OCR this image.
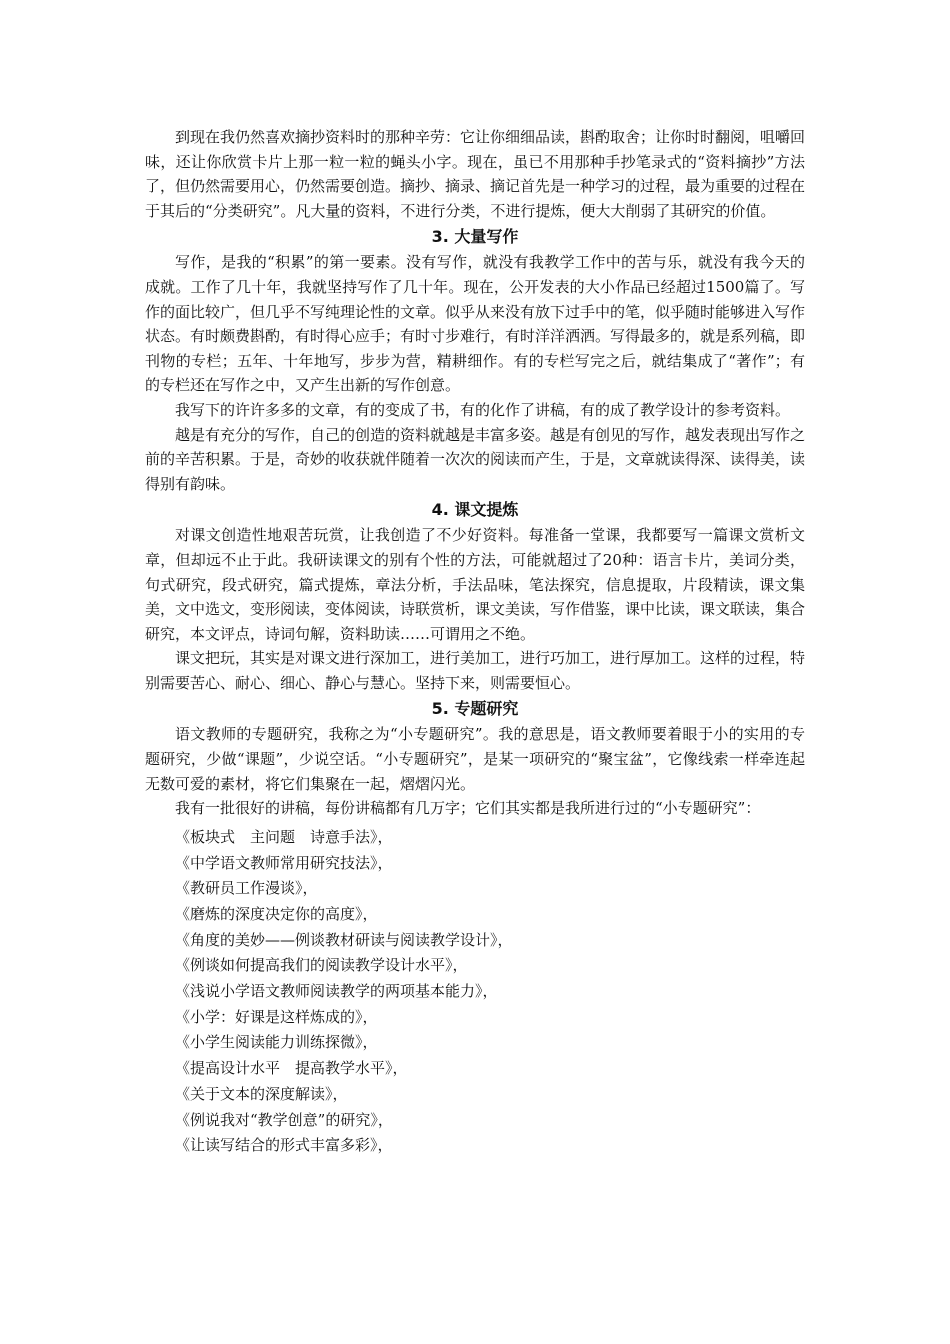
到现在我仍然喜欢摘抄资料时的那种辛劳：它让你细细品读，斟酌取舍；让你时时翻阅，咀嚼回味，还让你欣赏卡片上那一粒一粒的蝇头小字。现在，虽已不用那种手抄笔录式的“资料摘抄”方法了，但仍然需要用心，仍然需要创造。摘抄、摘录、摘记首先是一种学习的过程，最为重要的过程在于其后的“分类研究”。凡大量的资料，不进行分类，不进行提炼，便大大削弱了其研究的价值。

3. 大量写作

写作，是我的“积累”的第一要素。没有写作，就没有我教学工作中的苦与乐，就没有我今天的成就。工作了几十年，我就坚持写作了几十年。现在，公开发表的大小作品已经超过1500篇了。写作的面比较广，但几乎不写纯理论性的文章。似乎从来没有放下过手中的笔，似乎随时能够进入写作状态。有时颇费斟酌，有时得心应手；有时寸步难行，有时洋洋洒洒。写得最多的，就是系列稿，即刊物的专栏；五年、十年地写，步步为营，精耕细作。有的专栏写完之后，就结集成了“著作”；有的专栏还在写作之中，又产生出新的写作创意。

我写下的许许多多的文章，有的变成了书，有的化作了讲稿，有的成了教学设计的参考资料。

越是有充分的写作，自己的创造的资料就越是丰富多姿。越是有创见的写作，越发表现出写作之前的辛苦积累。于是，奇妙的收获就伴随着一次次的阅读而产生，于是，文章就读得深、读得美，读得别有韵味。

4. 课文提炼

对课文创造性地艰苦玩赏，让我创造了不少好资料。每准备一堂课，我都要写一篇课文赏析文章，但却远不止于此。我研读课文的别有个性的方法，可能就超过了20种：语言卡片，美词分类，句式研究，段式研究，篇式提炼，章法分析，手法品味，笔法探究，信息提取，片段精读，课文集美，文中选文，变形阅读，变体阅读，诗联赏析，课文美读，写作借鉴，课中比读，课文联读，集合研究，本文评点，诗词句解，资料助读……可谓用之不绝。

课文把玩，其实是对课文进行深加工，进行美加工，进行巧加工，进行厚加工。这样的过程，特别需要苦心、耐心、细心、静心与慧心。坚持下来，则需要恒心。

5. 专题研究

语文教师的专题研究，我称之为“小专题研究”。我的意思是，语文教师要着眼于小的实用的专题研究，少做“课题”，少说空话。“小专题研究”，是某一项研究的“聚宝盆”，它像线索一样牵连起无数可爱的素材，将它们集聚在一起，熠熠闪光。

我有一批很好的讲稿，每份讲稿都有几万字；它们其实都是我所进行过的“小专题研究”：

《板块式　主问题　诗意手法》，
《中学语文教师常用研究技法》，
《教研员工作漫谈》，
《磨炼的深度决定你的高度》，
《角度的美妙——例谈教材研读与阅读教学设计》，
《例谈如何提高我们的阅读教学设计水平》，
《浅说小学语文教师阅读教学的两项基本能力》，
《小学：好课是这样炼成的》，
《小学生阅读能力训练探微》，
《提高设计水平　提高教学水平》，
《关于文本的深度解读》，
《例说我对“教学创意”的研究》，
《让读写结合的形式丰富多彩》，
